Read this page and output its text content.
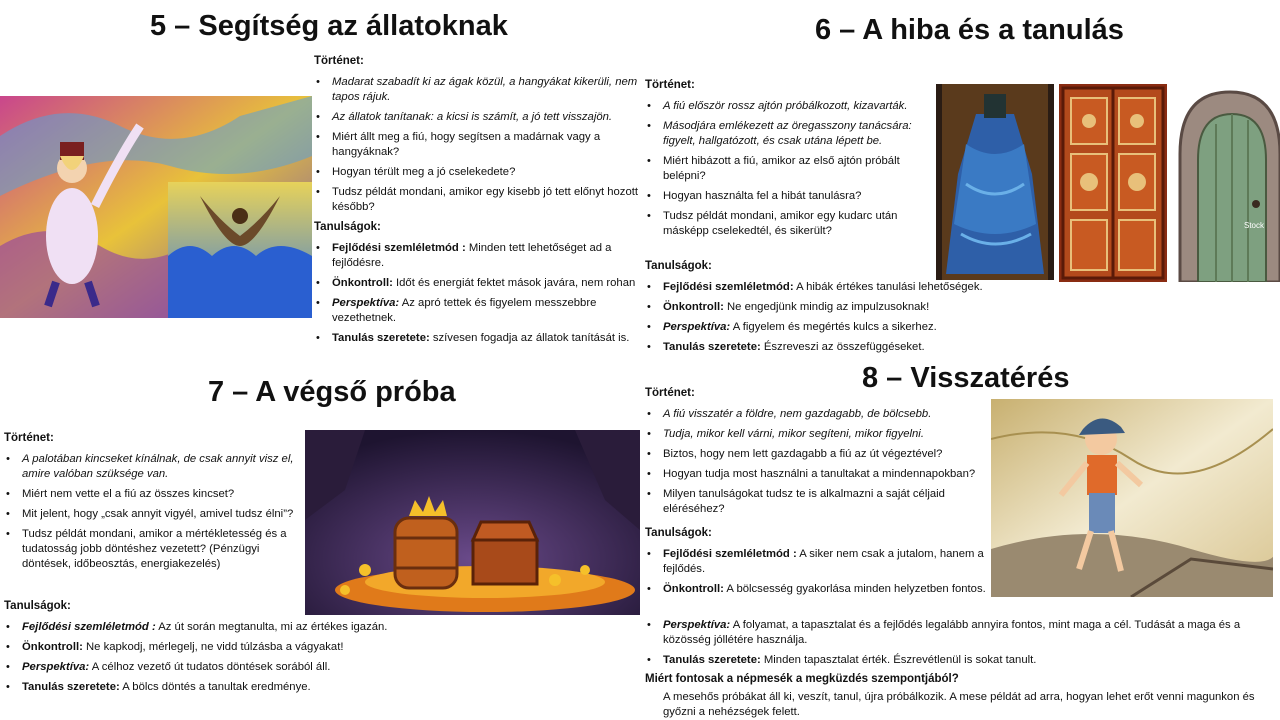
5 – Segítség az állatoknak
Történet:
• Madarat szabadít ki az ágak közül, a hangyákat kikerüli, nem tapos rájuk.
• Az állatok tanítanak: a kicsi is számít, a jó tett visszajön.
• Miért állt meg a fiú, hogy segítsen a madárnak vagy a hangyáknak?
• Hogyan térült meg a jó cselekedete?
• Tudsz példát mondani, amikor egy kisebb jó tett előnyt hozott később?
Tanulságok:
• Fejlődési szemléletmód : Minden tett lehetőséget ad a fejlődésre.
• Önkontroll: Időt és energiát fektet mások javára, nem rohan
• Perspektíva: Az apró tettek és figyelem messzebbre vezethetnek.
• Tanulás szeretete: szívesen fogadja az állatok tanítását is.
6 – A hiba és a tanulás
Történet:
• A fiú először rossz ajtón próbálkozott, kizavarták.
• Másodjára emlékezett az öregasszony tanácsára: figyelt, hallgatózott, és csak utána lépett be.
• Miért hibázott a fiú, amikor az első ajtón próbált belépni?
• Hogyan használta fel a hibát tanulásra?
• Tudsz példát mondani, amikor egy kudarc után másképp cselekedtél, és sikerült?
Tanulságok:
• Fejlődési szemléletmód: A hibák értékes tanulási lehetőségek.
• Önkontroll: Ne engedjünk mindig az impulzusoknak!
• Perspektíva: A figyelem és megértés kulcs a sikerhez.
• Tanulás szeretete: Észreveszi az összefüggéseket.
Stock
7 – A végső próba
Történet:
• A palotában kincseket kínálnak, de csak annyit visz el, amire valóban szüksége van.
• Miért nem vette el a fiú az összes kincset?
• Mit jelent, hogy „csak annyit vigyél, amivel tudsz élni”?
• Tudsz példát mondani, amikor a mértékletesség és a tudatosság jobb döntéshez vezetett? (Pénzügyi döntések, időbeosztás, energiakezelés)
Tanulságok:
• Fejlődési szemléletmód : Az út során megtanulta, mi az értékes igazán.
• Önkontroll: Ne kapkodj, mérlegelj, ne vidd túlzásba a vágyakat!
• Perspektíva: A célhoz vezető út tudatos döntések sorából áll.
• Tanulás szeretete: A bölcs döntés a tanultak eredménye.
8 – Visszatérés
Történet:
• A fiú visszatér a földre, nem gazdagabb, de bölcsebb.
• Tudja, mikor kell várni, mikor segíteni, mikor figyelni.
• Biztos, hogy nem lett gazdagabb a fiú az út végeztével?
• Hogyan tudja most használni a tanultakat a mindennapokban?
• Milyen tanulságokat tudsz te is alkalmazni a saját céljaid eléréséhez?
Tanulságok:
• Fejlődési szemléletmód : A siker nem csak a jutalom, hanem a fejlődés.
• Önkontroll: A bölcsesség gyakorlása minden helyzetben fontos.
• Perspektíva: A folyamat, a tapasztalat és a fejlődés legalább annyira fontos, mint maga a cél. Tudását a maga és a közösség jóllétére használja.
• Tanulás szeretete: Minden tapasztalat érték. Észrevétlenül is sokat tanult.
Miért fontosak a népmesék a megküzdés szempontjából?
A mesehős próbákat áll ki, veszít, tanul, újra próbálkozik. A mese példát ad arra, hogyan lehet erőt venni magunkon és győzni a nehézségek felett.
